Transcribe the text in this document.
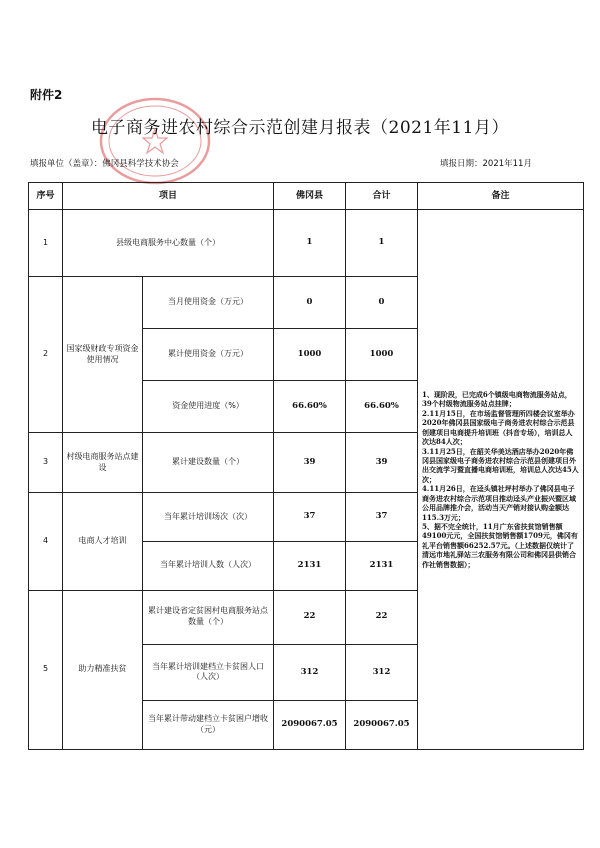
附件2
电子商务进农村综合示范创建月报表（2021年11月）
填报单位（盖章）：佛冈县科学技术协会	填报日期：2021年11月
序号	项目		佛冈县	合计	备注
1	县级电商服务中心数量（个）		1	1	1、现阶段，已完成6个镇级电商物流服务站点，39个村级物流服务站点挂牌；
2.11月15日，在市场监督管理所四楼会议室举办2020年佛冈县国家级电子商务进农村综合示范县创建项目电商提升培训班（抖音专场），培训总人次达84人次；
3.11月25日，在韶关华美达酒店举办2020年佛冈县国家级电子商务进农村综合示范县创建项目外出交流学习暨直播电商培训班，培训总人次达45人次；
4.11月26日，在迳头镇社坪村举办了佛冈县电子商务进农村综合示范项目推动迳头产业振兴暨区域公用品牌推介会，活动当天产销对接认购金额达115.3万元；
5、据不完全统计，11月广东省扶贫馆销售额49100元元，全国扶贫馆销售额1709元，佛冈有礼平台销售额66252.57元。（上述数据仅统计了清远市地礼驿站三农服务有限公司和佛冈县供销合作社销售数据）；
2	国家级财政专项资金使用情况	当月使用资金（万元）	0	0	
		累计使用资金（万元）	1000	1000	
		资金使用进度（%）	66.60%	66.60%	
3	村级电商服务站点建设	累计建设数量（个）	39	39	
4	电商人才培训	当年累计培训场次（次）	37	37	
		当年累计培训人数（人次）	2131	2131	
5	助力精准扶贫	累计建设省定贫困村电商服务站点数量（个）	22	22	
		当年累计培训建档立卡贫困人口（人次）	312	312	
		当年累计带动建档立卡贫困户增收（元）	2090067.05	2090067.05	
